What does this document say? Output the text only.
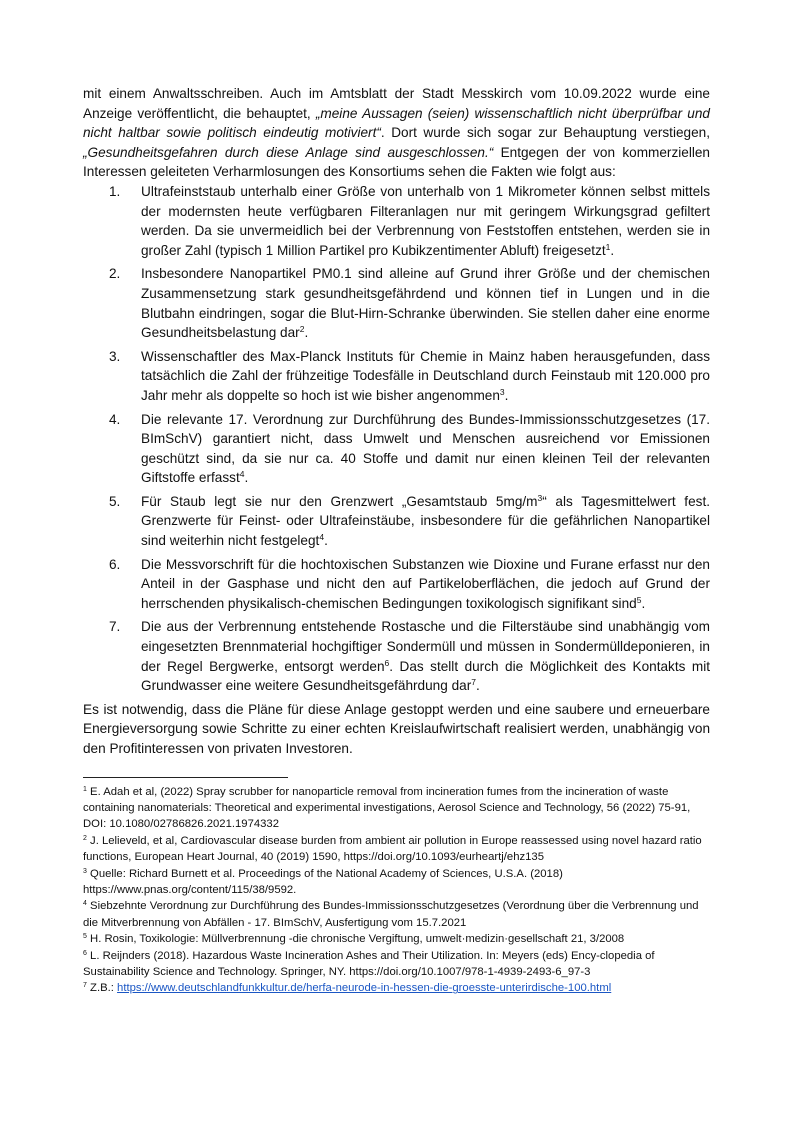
mit einem Anwaltsschreiben. Auch im Amtsblatt der Stadt Messkirch vom 10.09.2022 wurde eine Anzeige veröffentlicht, die behauptet, „meine Aussagen (seien) wissenschaftlich nicht überprüfbar und nicht haltbar sowie politisch eindeutig motiviert“. Dort wurde sich sogar zur Behauptung verstiegen, „Gesundheitsgefahren durch diese Anlage sind ausgeschlossen.“ Entgegen der von kommerziellen Interessen geleiteten Verharmlosungen des Konsortiums sehen die Fakten wie folgt aus:

1. Ultrafeinststaub unterhalb einer Größe von unterhalb von 1 Mikrometer können selbst mittels der modernsten heute verfügbaren Filteranlagen nur mit geringem Wirkungsgrad gefiltert werden. Da sie unvermeidlich bei der Verbrennung von Feststoffen entstehen, werden sie in großer Zahl (typisch 1 Million Partikel pro Kubikzentimenter Abluft) freigesetzt$^1$.
2. Insbesondere Nanopartikel PM0.1 sind alleine auf Grund ihrer Größe und der chemischen Zusammensetzung stark gesundheitsgefährdend und können tief in Lungen und in die Blutbahn eindringen, sogar die Blut-Hirn-Schranke überwinden. Sie stellen daher eine enorme Gesundheitsbelastung dar$^2$.
3. Wissenschaftler des Max-Planck Instituts für Chemie in Mainz haben herausgefunden, dass tatsächlich die Zahl der frühzeitige Todesfälle in Deutschland durch Feinstaub mit 120.000 pro Jahr mehr als doppelte so hoch ist wie bisher angenommen$^3$.
4. Die relevante 17. Verordnung zur Durchführung des Bundes-Immissionsschutzgesetzes (17. BImSchV) garantiert nicht, dass Umwelt und Menschen ausreichend vor Emissionen geschützt sind, da sie nur ca. 40 Stoffe und damit nur einen kleinen Teil der relevanten Giftstoffe erfasst$^4$.
5. Für Staub legt sie nur den Grenzwert „Gesamtstaub $5mg/m^3“$ als Tagesmittelwert fest. Grenzwerte für Feinst- oder Ultrafeinstäube, insbesondere für die gefährlichen Nanopartikel sind weiterhin nicht festgelegt$^4$.
6. Die Messvorschrift für die hochtoxischen Substanzen wie Dioxine und Furane erfasst nur den Anteil in der Gasphase und nicht den auf Partikeloberflächen, die jedoch auf Grund der herrschenden physikalisch-chemischen Bedingungen toxikologisch signifikant sind$^5$.
7. Die aus der Verbrennung entstehende Rostasche und die Filterstäube sind unabhängig vom eingesetzten Brennmaterial hochgiftiger Sondermüll und müssen in Sondermülldeponieren, in der Regel Bergwerke, entsorgt werden$^6$. Das stellt durch die Möglichkeit des Kontakts mit Grundwasser eine weitere Gesundheitsgefährdung dar$^7$.

Es ist notwendig, dass die Pläne für diese Anlage gestoppt werden und eine saubere und erneuerbare Energieversorgung sowie Schritte zu einer echten Kreislaufwirtschaft realisiert werden, unabhängig von den Profitinteressen von privaten Investoren.

$^1$ E. Adah et al, (2022) Spray scrubber for nanoparticle removal from incineration fumes from the incineration of waste containing nanomaterials: Theoretical and experimental investigations, Aerosol Science and Technology, 56 (2022) 75-91, DOI: 10.1080/02786826.2021.1974332

$^2$ J. Lelieveld, et al, Cardiovascular disease burden from ambient air pollution in Europe reassessed using novel hazard ratio functions, European Heart Journal, 40 (2019) 1590, https://doi.org/10.1093/eurheartj/ehz135

$^3$ Quelle: Richard Burnett et al. Proceedings of the National Academy of Sciences, U.S.A. (2018) https://www.pnas.org/content/115/38/9592.

$^4$ Siebzehnte Verordnung zur Durchführung des Bundes-Immissionsschutzgesetzes (Verordnung über die Verbrennung und die Mitverbrennung von Abfällen - 17. BImSchV, Ausfertigung vom 15.7.2021

$^5$ H. Rosin, Toxikologie: Müllverbrennung -die chronische Vergiftung, umwelt·medizin·gesellschaft 21, 3/2008

$^6$ L. Reijnders (2018). Hazardous Waste Incineration Ashes and Their Utilization. In: Meyers (eds) Ency-clopedia of Sustainability Science and Technology. Springer, NY. https://doi.org/10.1007/978-1-4939-2493-6_97-3

$^7$ Z.B.: https://www.deutschlandfunkkultur.de/herfa-neurode-in-hessen-die-groesste-unterirdische-100.html
